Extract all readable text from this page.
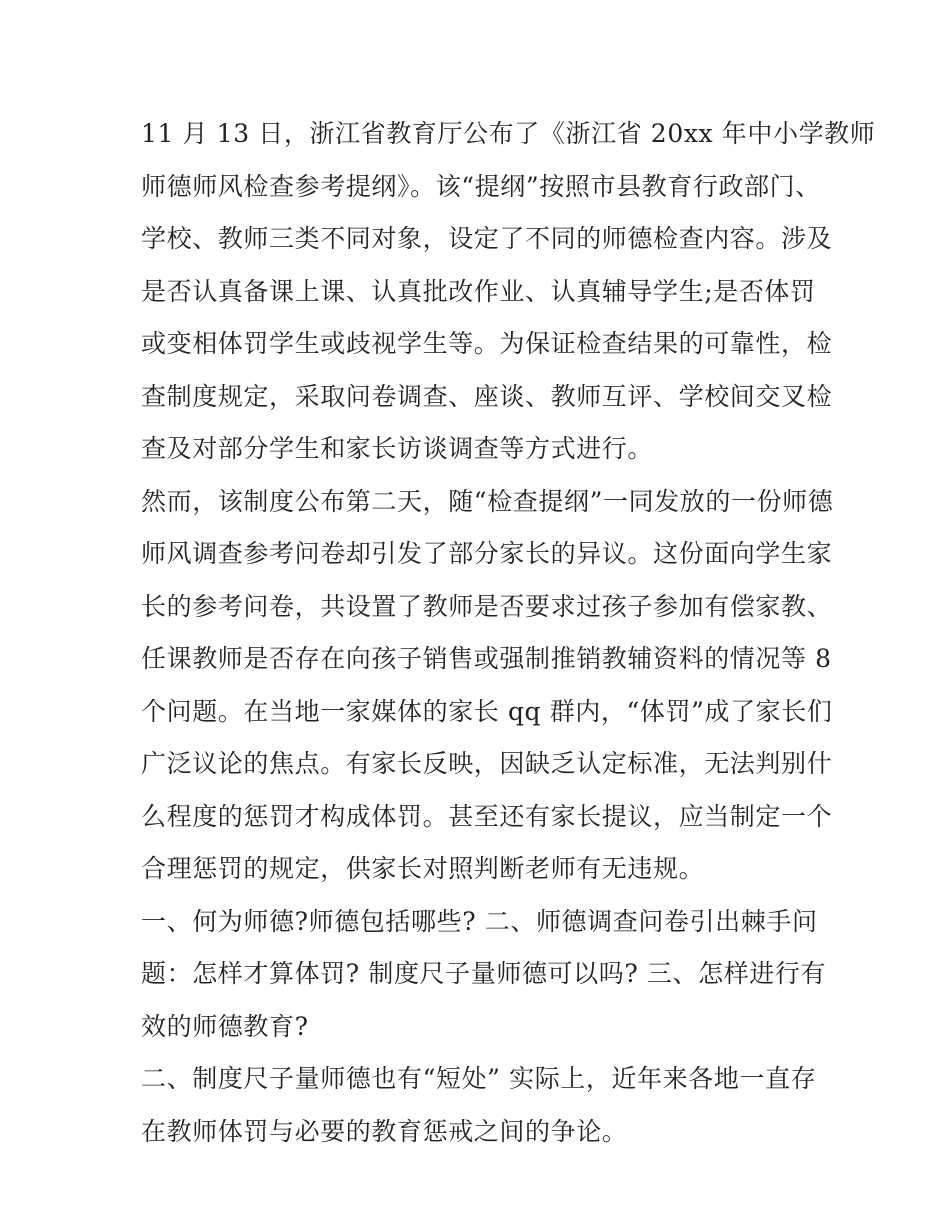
11 月 13 日，浙江省教育厅公布了《浙江省 20xx 年中小学教师
师德师风检查参考提纲》。该“提纲”按照市县教育行政部门、
学校、教师三类不同对象，设定了不同的师德检查内容。涉及
是否认真备课上课、认真批改作业、认真辅导学生;是否体罚
或变相体罚学生或歧视学生等。为保证检查结果的可靠性，检
查制度规定，采取问卷调查、座谈、教师互评、学校间交叉检
查及对部分学生和家长访谈调查等方式进行。
然而，该制度公布第二天，随“检查提纲”一同发放的一份师德
师风调查参考问卷却引发了部分家长的异议。这份面向学生家
长的参考问卷，共设置了教师是否要求过孩子参加有偿家教、
任课教师是否存在向孩子销售或强制推销教辅资料的情况等 8
个问题。在当地一家媒体的家长 qq 群内，“体罚”成了家长们
广泛议论的焦点。有家长反映，因缺乏认定标准，无法判别什
么程度的惩罚才构成体罚。甚至还有家长提议，应当制定一个
合理惩罚的规定，供家长对照判断老师有无违规。
一、何为师德?师德包括哪些? 二、师德调查问卷引出棘手问
题：怎样才算体罚? 制度尺子量师德可以吗? 三、怎样进行有
效的师德教育?
二、制度尺子量师德也有“短处” 实际上，近年来各地一直存
在教师体罚与必要的教育惩戒之间的争论。
